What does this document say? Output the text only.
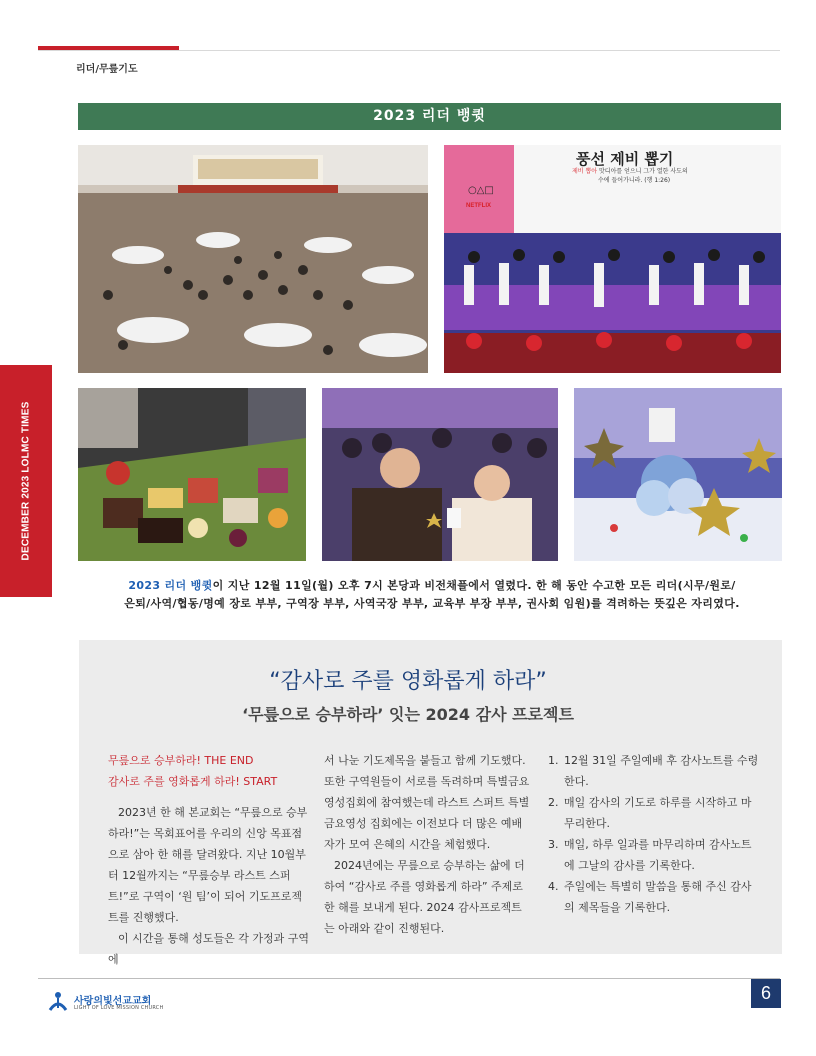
리더/무릎기도
DECEMBER 2023 LOLMC TIMES
2023 리더 뱅큇
○△□
NETFLIX
풍선 제비 뽑기
제비 뽑아 맛디아를 얻으니 그가 열한 사도의
수에 들어가니라. (행 1:26)
2023 리더 뱅큇이 지난 12월 11일(월) 오후 7시 본당과 비전채플에서 열렸다. 한 해 동안 수고한 모든 리더(시무/원로/
은퇴/사역/협동/명예 장로 부부, 구역장 부부, 사역국장 부부, 교육부 부장 부부, 권사회 임원)를 격려하는 뜻깊은 자리였다.
“감사로 주를 영화롭게 하라”
‘무릎으로 승부하라’ 잇는 2024 감사 프로젝트

무릎으로 승부하라! THE END

감사로 주를 영화롭게 하라! START

2023년 한 해 본교회는 “무릎으로 승부하라!”는 목회표어를 우리의 신앙 목표점으로 삼아 한 해를 달려왔다. 지난 10월부터 12월까지는 “무릎승부 라스트 스퍼트!”로 구역이 ‘원 팀’이 되어 기도프로젝트를 진행했다.

이 시간을 통해 성도들은 각 가정과 구역에

서 나눈 기도제목을 붙들고 함께 기도했다. 또한 구역원들이 서로를 독려하며 특별금요영성집회에 참여했는데 라스트 스퍼트 특별금요영성 집회에는 이전보다 더 많은 예배자가 모여 은혜의 시간을 체험했다.

2024년에는 무릎으로 승부하는 삶에 더하여 “감사로 주를 영화롭게 하라” 주제로 한 해를 보내게 된다. 2024 감사프로젝트는 아래와 같이 진행된다.

1. 12월 31일 주일예배 후 감사노트를 수령한다.
2. 매일 감사의 기도로 하루를 시작하고 마무리한다.
3. 매일, 하루 일과를 마무리하며 감사노트에 그날의 감사를 기록한다.
4. 주일에는 특별히 말씀을 통해 주신 감사의 제목들을 기록한다.
사랑의빛선교교회
LIGHT OF LOVE MISSION CHURCH
6
